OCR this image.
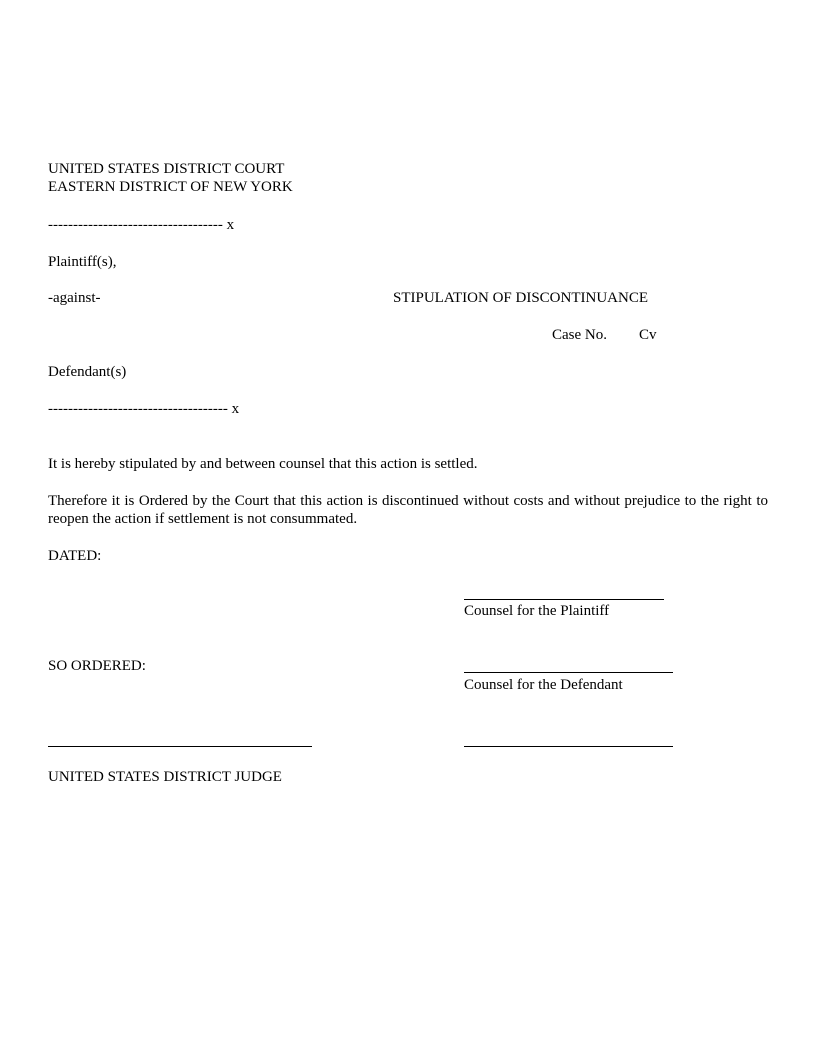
UNITED STATES DISTRICT COURT
EASTERN DISTRICT OF NEW YORK
----------------------------------- x
Plaintiff(s),
-against-	STIPULATION OF DISCONTINUANCE
Case No. Cv
Defendant(s)
------------------------------------ x
It is hereby stipulated by and between counsel that this action is settled.
Therefore it is Ordered by the Court that this action is discontinued without costs and without prejudice to the right to reopen the action if settlement is not consummated.
DATED:
Counsel for the Plaintiff
SO ORDERED:
Counsel for the Defendant
UNITED STATES DISTRICT JUDGE
